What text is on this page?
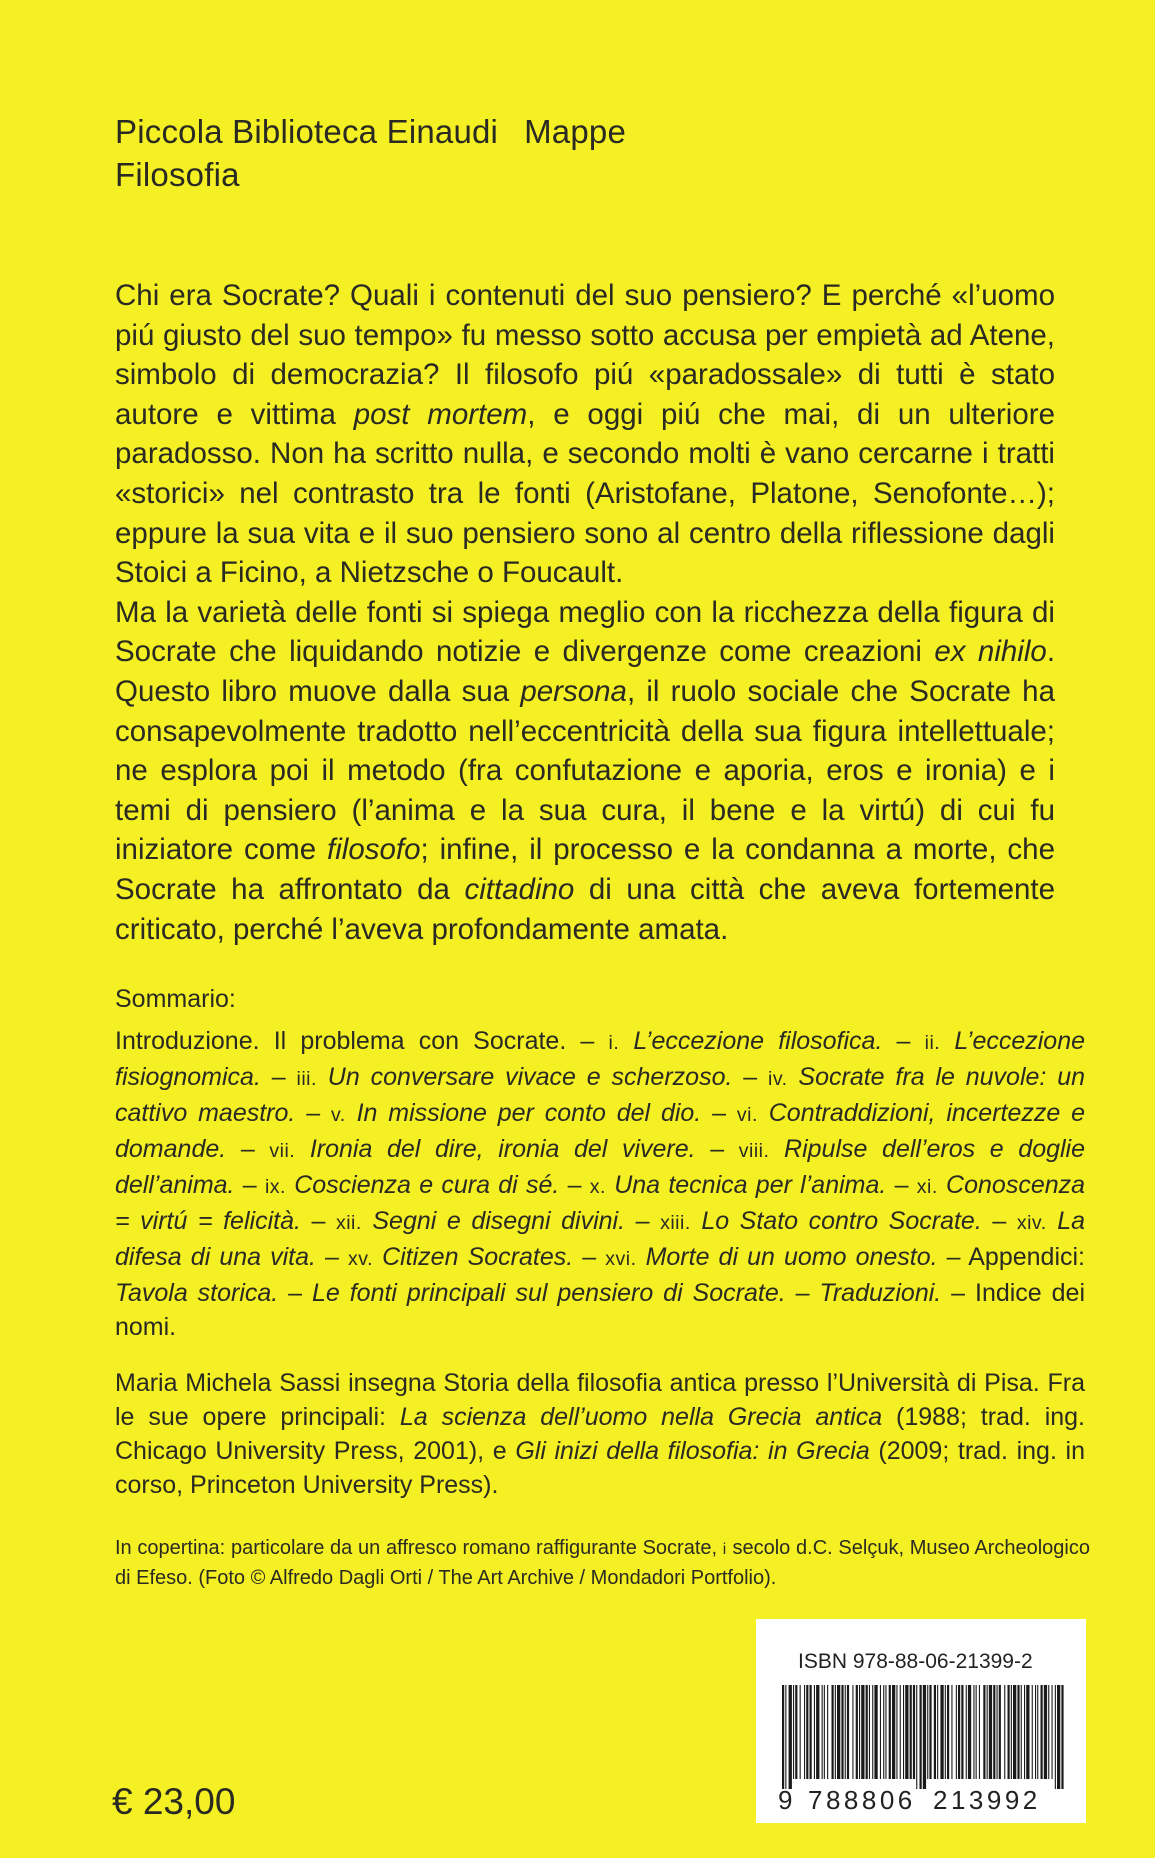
Piccola Biblioteca Einaudi Mappe
Filosofia

Chi era Socrate? Quali i contenuti del suo pensiero? E perché «l’uomo piú giusto del suo tempo» fu messo sotto accusa per empietà ad Atene, simbolo di democrazia? Il filosofo piú «paradossale» di tutti è stato autore e vittima post mortem, e oggi piú che mai, di un ulteriore paradosso. Non ha scritto nulla, e secondo molti è vano cercarne i tratti «storici» nel contrasto tra le fonti (Aristofane, Platone, Senofonte…); eppure la sua vita e il suo pensiero sono al centro della riflessione dagli Stoici a Ficino, a Nietzsche o Foucault.

Ma la varietà delle fonti si spiega meglio con la ricchezza della figura di Socrate che liquidando notizie e divergenze come creazioni ex nihilo. Questo libro muove dalla sua persona, il ruolo sociale che Socrate ha consapevolmente tradotto nell’eccentricità della sua figura intellettuale; ne esplora poi il metodo (fra confutazione e aporia, eros e ironia) e i temi di pensiero (l’anima e la sua cura, il bene e la virtú) di cui fu iniziatore come filosofo; infine, il processo e la condanna a morte, che Socrate ha affrontato da cittadino di una città che aveva fortemente criticato, perché l’aveva profondamente amata.

Sommario:
Introduzione. Il problema con Socrate. – i. L’eccezione filosofica. – ii. L’eccezione fisiognomica. – iii. Un conversare vivace e scherzoso. – iv. Socrate fra le nuvole: un cattivo maestro. – v. In missione per conto del dio. – vi. Contraddizioni, incertezze e domande. – vii. Ironia del dire, ironia del vivere. – viii. Ripulse dell’eros e doglie dell’anima. – ix. Coscienza e cura di sé. – x. Una tecnica per l’anima. – xi. Conoscenza = virtú = felicità. – xii. Segni e disegni divini. – xiii. Lo Stato contro Socrate. – xiv. La difesa di una vita. – xv. Citizen Socrates. – xvi. Morte di un uomo onesto. – Appendici: Tavola storica. – Le fonti principali sul pensiero di Socrate. – Traduzioni. – Indice dei nomi.
Maria Michela Sassi insegna Storia della filosofia antica presso l’Università di Pisa. Fra le sue opere principali: La scienza dell’uomo nella Grecia antica (1988; trad. ing. Chicago University Press, 2001), e Gli inizi della filosofia: in Grecia (2009; trad. ing. in corso, Princeton University Press).
In copertina: particolare da un affresco romano raffigurante Socrate, i secolo d.C. Selçuk, Museo Archeologico di Efeso. (Foto © Alfredo Dagli Orti / The Art Archive / Mondadori Portfolio).
€ 23,00
ISBN 978-88-06-21399-2
9 788806 213992
